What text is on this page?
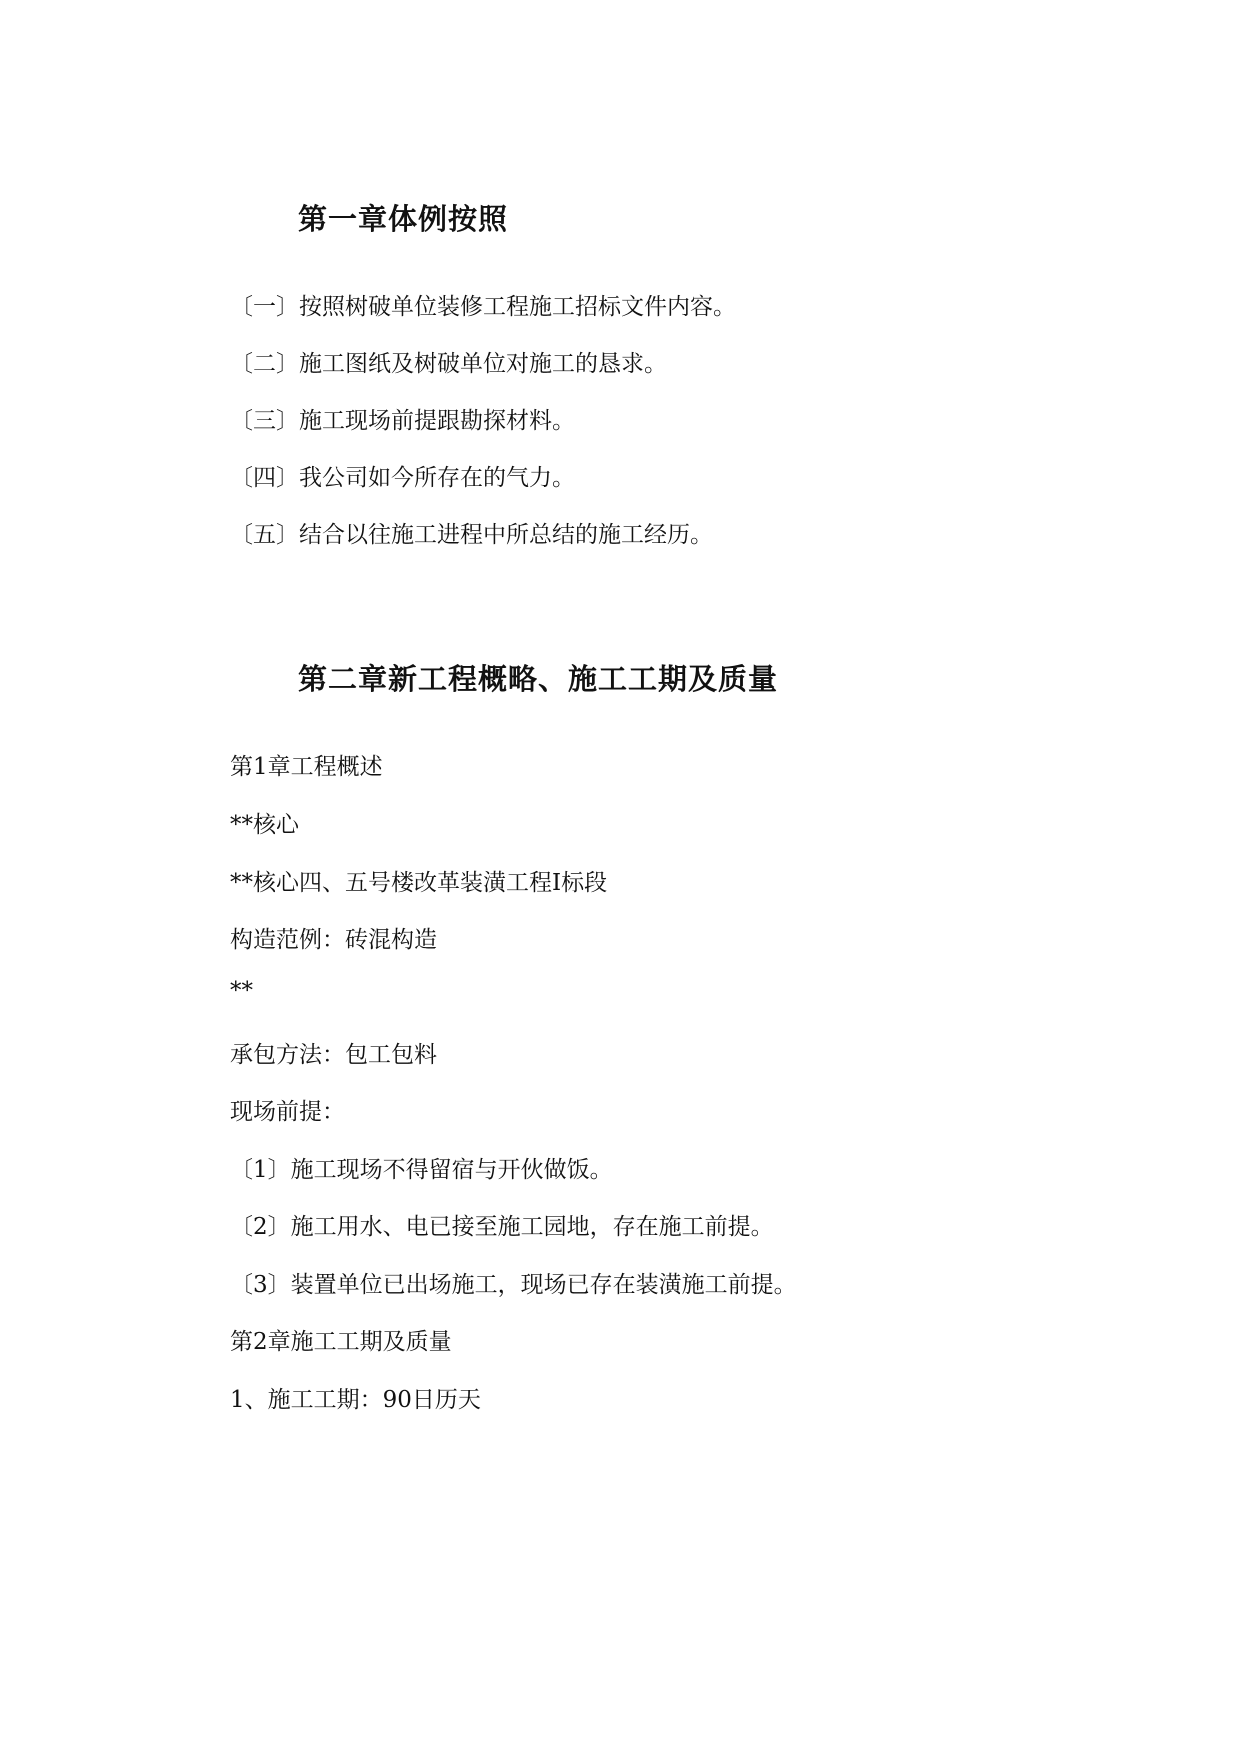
第一章体例按照
〔一〕按照树破单位装修工程施工招标文件内容。
〔二〕施工图纸及树破单位对施工的恳求。
〔三〕施工现场前提跟勘探材料。
〔四〕我公司如今所存在的气力。
〔五〕结合以往施工进程中所总结的施工经历。
第二章新工程概略、施工工期及质量
第1章工程概述
**核心
**核心四、五号楼改革装潢工程Ⅰ标段
构造范例：砖混构造
**
承包方法：包工包料
现场前提：
〔1〕施工现场不得留宿与开伙做饭。
〔2〕施工用水、电已接至施工园地，存在施工前提。
〔3〕装置单位已出场施工，现场已存在装潢施工前提。
第2章施工工期及质量
1、施工工期：90日历天
